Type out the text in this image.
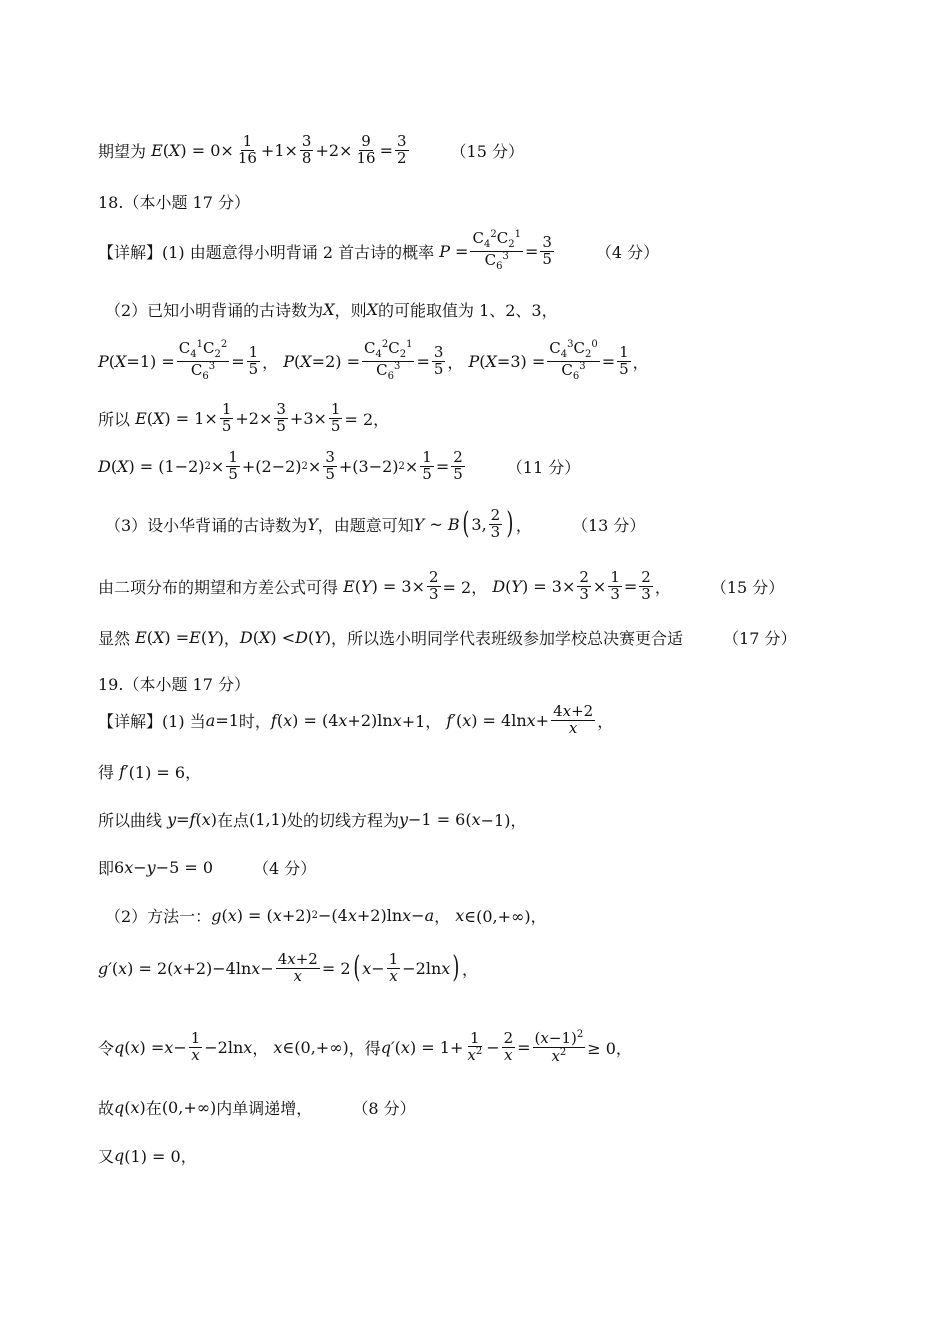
期望为 E ( X ) = $0\times \frac{1}{16} +1\times \frac{3}{8} +2\times \frac{9}{16} = \frac{3}{2}$	（15 分）
18.（本小题 17 分）
【详解】(1) 由题意得小明背诵 2 首古诗的概率 $P = \frac{C_4^2C_2^1}{C_6^3} = \frac{3}{5}$	（4 分）
（2）已知小明背诵的古诗数为 X ，则 X 的可能取值为 1、2、3，
P ( $X =1) = \frac{C_4^1C_2^2}{C_6^3} = \frac{1}{5}$ ， P ( $X =2) = \frac{C_4^2C_2^1}{C_6^3} = \frac{3}{5}$ ， P ( $X =3) = \frac{C_4^3C_2^0}{C_6^3} = \frac{1}{5}$ ，
所以 E ( X ) = $1\times \frac{1}{5} +2\times \frac{3}{5} +3\times \frac{1}{5} = 2$，
D ( X ) = (1−2) $2 \times \frac{1}{5} +(2-2) 2 \times \frac{3}{5} +(3-2) 2 \times \frac{1}{5} = \frac{2}{5}$	（11 分）
（3）设小华背诵的古诗数为 Y ，由题意可知 Y ~ B ( 3, $\frac{2}{3}$ ) ，	（13 分）
由二项分布的期望和方差公式可得 E ( Y ) = $3\times \frac{2}{3} = 2$， D ( Y ) = $3\times \frac{2}{3} \times \frac{1}{3} = \frac{2}{3}$ ，	（15 分）
显然 E ( X ) = E ( Y )， D ( X ) < D ( Y ) ，所以选小明同学代表班级参加学校总决赛更合适	（17 分）
19.（本小题 17 分）
【详解】(1) 当 a =1 时， f ( x ) = (4 x +2)ln x +1， f′ ( x ) = 4ln $x + \frac{4x+2}{x}$ ，
得 f′ (1) = 6，
所以曲线 y = f ( x ) 在点 (1,1) 处的切线方程为 y −1 = 6( x −1)，
即 6 x − y −5 = 0	（4 分）
（2）方法一： g ( x ) = ( x +2) 2 −(4 x +2)ln x − a ， x ∈(0,+∞)，
g′ ( x ) = 2( x +2)−4ln $x - \frac{4x+2}{x} = 2$ ( $x - \frac{1}{x} -2\ln$ x ) ，
令 q ( x ) = $x - \frac{1}{x} -2\ln$ x ， x ∈(0,+∞) ，得 q′ ( x ) = $1+ \frac{1}{x^2} - \frac{2}{x} = \frac{(x-1)^2}{x^2} \ge 0$，
故 q ( x ) 在 (0,+∞) 内单调递增，	（8 分）
又 q (1) = 0，
